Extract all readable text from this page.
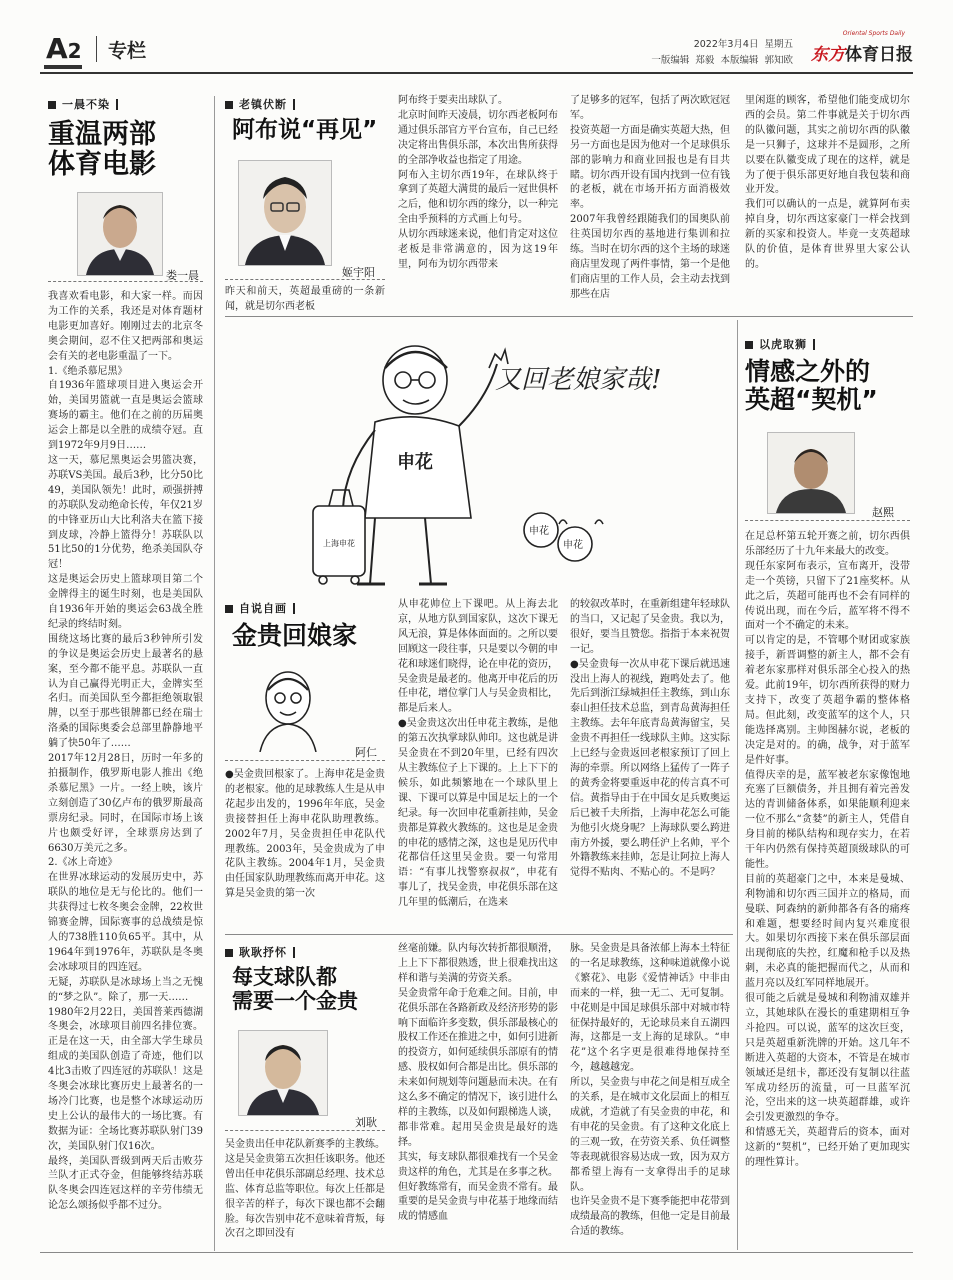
A2 专栏	2022年3月4日  星期五
一版编辑  郑毅  本版编辑  郭知欧
Oriental Sports Daily
东方体育日报
一晨不染
重温两部
体育电影
娄一晨
我喜欢看电影，和大家一样。而因为工作的关系，我还是对体育题材电影更加喜好。刚刚过去的北京冬奥会期间，忍不住又把两部和奥运会有关的老电影重温了一下。
1.《绝杀慕尼黑》
自1936年篮球项目进入奥运会开始，美国男篮就一直是奥运会篮球赛场的霸主。他们在之前的历届奥运会上都是以全胜的成绩夺冠。直到1972年9月9日……
这一天，慕尼黑奥运会男篮决赛，苏联VS美国。最后3秒，比分50比49，美国队领先！此时，顽强拼搏的苏联队发动绝命长传，年仅21岁的中锋亚历山大比利洛夫在篮下接到皮球，冷静上篮得分！苏联队以51比50的1分优势，绝杀美国队夺冠！
这是奥运会历史上篮球项目第二个金牌得主的诞生时刻，也是美国队自1936年开始的奥运会63战全胜纪录的终结时刻。
围绕这场比赛的最后3秒钟所引发的争议是奥运会历史上最著名的悬案，至今都不能平息。苏联队一直认为自己赢得光明正大，金牌实至名归。而美国队至今都拒绝领取银牌，以至于那些银牌都已经在瑞士洛桑的国际奥委会总部里静静地平躺了快50年了……
2017年12月28日，历时一年多的拍摄制作，俄罗斯电影人推出《绝杀慕尼黑》一片。一经上映，该片立刻创造了30亿卢布的俄罗斯最高票房纪录。同时，在国际市场上该片也颇受好评，全球票房达到了6630万美元之多。
2.《冰上奇迹》
在世界冰球运动的发展历史中，苏联队的地位是无与伦比的。他们一共获得过七枚冬奥会金牌，22枚世锦赛金牌，国际赛事的总战绩是惊人的738胜110负65平。其中，从1964年到1976年，苏联队是冬奥会冰球项目的四连冠。
无疑，苏联队是冰球场上当之无愧的“梦之队”。除了，那一天……
1980年2月22日，美国普莱西德湖冬奥会，冰球项目前四名排位赛。正是在这一天，由全部大学生球员组成的美国队创造了奇迹，他们以4比3击败了四连冠的苏联队！这是冬奥会冰球比赛历史上最著名的一场冷门比赛，也是整个冰球运动历史上公认的最伟大的一场比赛。有数据为证：全场比赛苏联队射门39次，美国队射门仅16次。
最终，美国队晋级到两天后击败芬兰队才正式夺金，但能够终结苏联队冬奥会四连冠这样的辛劳伟绩无论怎么颂扬似乎都不过分。
老镇伏断
阿布说“再见”
姬宇阳
昨天和前天，英超最重磅的一条新闻，就是切尔西老板
阿布终于要卖出球队了。
北京时间昨天凌晨，切尔西老板阿布通过俱乐部官方平台宣布，自己已经决定将出售俱乐部，本次出售所获得的全部净收益也指定了用途。
阿布入主切尔西19年，在球队终于拿到了英超大满贯的最后一冠世俱杯之后，他和切尔西的缘分，以一种完全由乎预料的方式画上句号。
从切尔西球迷来说，他们肯定对这位老板是非常满意的，因为这19年里，阿布为切尔西带来
了足够多的冠军，包括了两次欧冠冠军。
投资英超一方面是确实英超大热，但另一方面也是因为他对一个足球俱乐部的影响力和商业回报也是有目共睹。切尔西开设有国内找到一位有钱的老板，就在市场开拓方面消极效率。
2007年我曾经跟随我们的国奥队前往英国切尔西的基地进行集训和拉练。当时在切尔西的这个主场的球迷商店里发现了两件事情，第一个是他们商店里的工作人员，会主动去找到那些在店
里闲逛的顾客，希望他们能变成切尔西的会员。第二件事就是关于切尔西的队徽问题，其实之前切尔西的队徽是一只狮子，这球并不是圆形，之所以要在队徽变成了现在的这样，就是为了便于俱乐部更好地自我包装和商业开发。
我们可以确认的一点是，就算阿布卖掉自身，切尔西这家豪门一样会找到新的买家和投资人。毕竟一支英超球队的价值，是体育世界里大家公认的。
又回老娘家哉!
申花
上海申花
申花
申花
以虎取狮
情感之外的
英超“契机”
赵熙
在足总杯第五轮开赛之前，切尔西俱乐部经历了十九年来最大的改变。
现任东家阿布表示，宣布离开，没带走一个英镑，只留下了21座奖杯。从此之后，英超可能再也不会有同样的传说出现，而在今后，蓝军将不得不面对一个不确定的未来。
可以肯定的是，不管哪个财团或家族接手，新晋调整的新主人，都不会有着老东家那样对俱乐部全心投入的热爱。此前19年，切尔西所获得的财力支持下，改变了英超争霸的整体格局。但此刻，改变蓝军的这个人，只能选择离别。主帅图赫尔说，老板的决定是对的。的确，战争，对于蓝军是件好事。
值得庆幸的是，蓝军被老东家像饱地充塞了巨额债务，并且拥有着完善发达的青训储备体系，如果能顺利迎来一位不那么“贪婪”的新主人，凭借自身目前的梯队结构和现存实力，在若干年内仍然有保持英超顶级球队的可能性。
目前的英超豪门之中，本来是曼城、利物浦和切尔西三国并立的格局，而曼联、阿森纳的新帅都各有各的痛疼和难题，想要经时间内复兴难度很大。如果切尔西接下来在俱乐部层面出现彻底的失控，红魔和枪手以及热刺，未必真的能把握而代之，从而和蓝月亮以及红军同样地展开。
很可能之后就是曼城和利物浦双雄并立，其她球队在漫长的重建期相互争斗抢四。可以说，蓝军的这次巨变，只是英超重新洗牌的开始。这几年不断进入英超的大资本，不管是在城市领域还是纽卡，都还没有复制以往蓝军成功经历的流量，可一旦蓝军沉沦，空出来的这一块英超群雄，或许会引发更激烈的争夺。
和情感无关，英超背后的资本，面对这新的“契机”，已经开始了更加现实的理性算计。
自说自画
金贵回娘家
阿仁
●吴金贵回根家了。上海申花是金贵的老根家。他的足球教练人生是从申花起步出发的，1996年年底，吴金贵接替担任上海申花队助理教练。2002年7月，吴金贵担任申花队代理教练。2003年，吴金贵成为了申花队主教练。2004年1月，吴金贵由任国家队助理教练而离开申花。这算是吴金贵的第一次
从申花帅位上下课吧。从上海去北京，从地方队到国家队，这次下课无风无浪，算是体体面面的。之所以要回顾这一段往事，只是要以今朝的申花和球迷们晓得，论在申花的资历，吴金贵是最老的。他离开申花后的历任申花，增位掌门人与吴金贵相比，都是后来人。
●吴金贵这次出任申花主教练，是他的第五次执掌球队帅印。这也就是讲吴金贵在不到20年里，已经有四次从主教练位子上下课的。上上下下的候乐，如此频繁地在一个球队里上课、下课可以算是中国足坛上的一个纪录。每一次回申花重新挂帅，吴金贵都是算救火教练的。这也是足金贵的申花的感情之深，这也是见历代申花都信任这里吴金贵。要一句常用语：“有事儿找警察叔叔”，申花有事儿了，找吴金贵，申花俱乐部在这几年里的低潮后，在选来
的较叙改革时，在重新组建年轻球队的当口，又记起了吴金贵。我以为，很好，要当且赞您。指指于本来祝贺一记。
●吴金贵每一次从申花下课后就迅速没出上海人的视线，跑鸣处去了。他先后到浙江绿城担任主教练，到山东泰山担任技术总监，到青岛黄海担任主教练。去年年底青岛黄海留宝，吴金贵不再担任一线球队主帅。这实际上已经与金贵返回老根家预订了回上海的牵票。所以网络上猛传了一阵子的黄秀金将要重返申花的传言真不可信。黄指导由于在中国女足兵败奥运后已被千夫所指，上海申花怎么可能为他引火烧身呢？上海球队要么跨进南方外援，要么聘任沪上名帅，平个外籍教练来挂帅，怎是让阿拉上海人觉得不贴肉、不贴心的。不是吗？
耿耿抒怀
每支球队都
需要一个金贵
刘耿
吴金贵出任申花队新赛季的主教练。这是吴金贵第五次担任该职务。他还曾出任申花俱乐部副总经理、技术总监、体育总监等职位。每次上任都是很辛苦的样子，每次下课也都不会翻脸。每次告别申花不意味着背叛，每次召之即回没有
丝毫前嫌。队内每次转折都很顺滑，上上下下都很熟透，世上很难找出这样和谐与美满的劳资关系。
吴金贵常年命于危难之间。目前，申花俱乐部在各路新政及经济形势的影响下面临许多变数，俱乐部最核心的股权工作还在推进之中，如何引进新的投资方，如何延续俱乐部原有的情感、股权如何合都是出比。俱乐部的未来如何规划等问题悬而未决。在有这么多不确定的情况下，该引进什么样的主教练，以及如何跟梯选人谈，都非常难。起用吴金贵是最好的选择。
其实，每支球队都很难找有一个吴金贵这样的角色，尤其是在多事之秋。但好教练常有，而吴金贵不常有。最重要的是吴金贵与申花基于地缘而结成的情感血
脉。吴金贵是具备浓郁上海本土特征的一名足球教练，这种味道就像小说《繁花》、电影《爱情神话》中非由而来的一样，独一无二、无可复制。中花则是中国足球俱乐部中对城市特征保持最好的，无论球员来自五湖四海，这都是一支上海的足球队。“申花”这个名字更是很难得地保持至今，越越越宠。
所以，吴金贵与申花之间是相互成全的关系，是在城市文化层面上的相互成就，才造就了有吴金贵的申花，和有申花的吴金贵。有了这种文化底上的三观一致，在劳资关系、负任调整等表现就很容易达成一致，因为双方都希望上海有一支拿得出手的足球队。
也许吴金贵不是下赛季能把申花带到成绩最高的教练，但他一定是目前最合适的教练。
